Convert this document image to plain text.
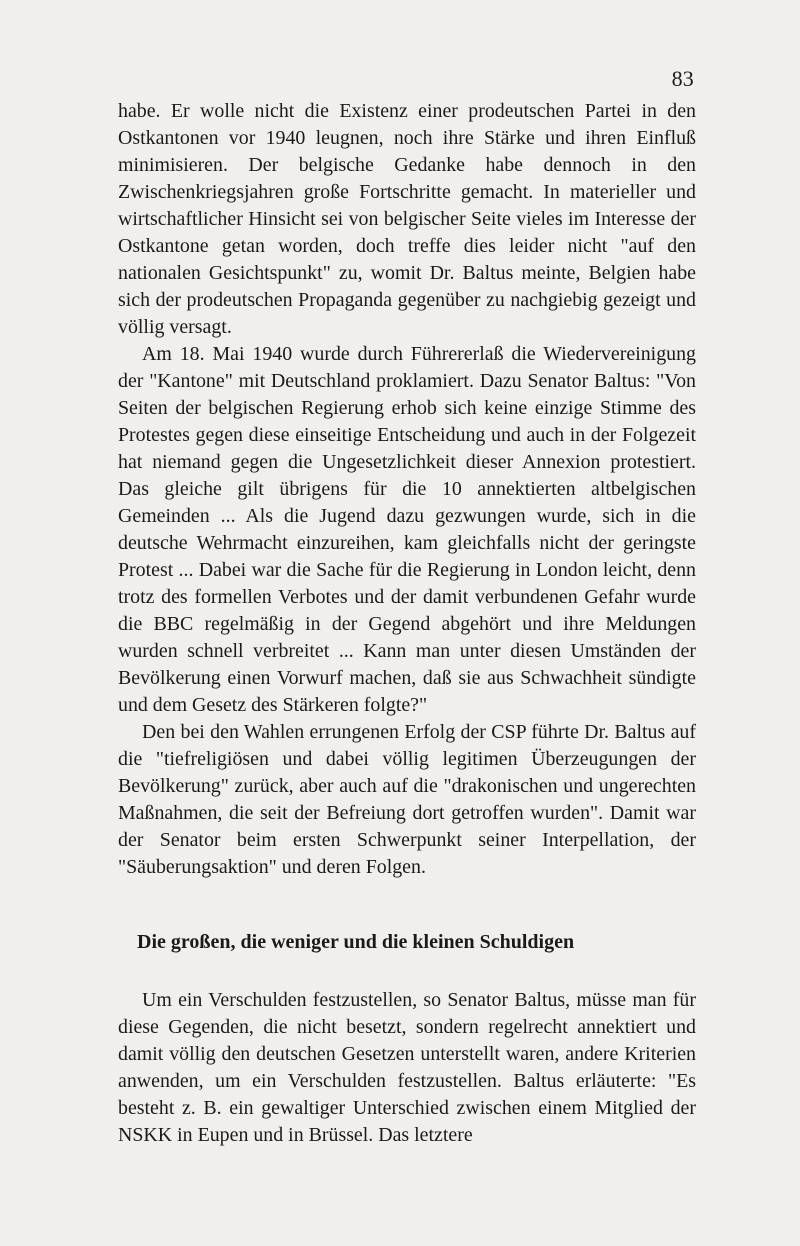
83

habe. Er wolle nicht die Existenz einer prodeutschen Partei in den Ostkantonen vor 1940 leugnen, noch ihre Stärke und ihren Einfluß minimisieren. Der belgische Gedanke habe dennoch in den Zwischenkriegsjahren große Fortschritte gemacht. In materieller und wirtschaftlicher Hinsicht sei von belgischer Seite vieles im Interesse der Ostkantone getan worden, doch treffe dies leider nicht "auf den nationalen Gesichtspunkt" zu, womit Dr. Baltus meinte, Belgien habe sich der prodeutschen Propaganda gegenüber zu nachgiebig gezeigt und völlig versagt.

Am 18. Mai 1940 wurde durch Führererlaß die Wiedervereinigung der "Kantone" mit Deutschland proklamiert. Dazu Senator Baltus: "Von Seiten der belgischen Regierung erhob sich keine einzige Stimme des Protestes gegen diese einseitige Entscheidung und auch in der Folgezeit hat niemand gegen die Ungesetzlichkeit dieser Annexion protestiert. Das gleiche gilt übrigens für die 10 annektierten altbelgischen Gemeinden ... Als die Jugend dazu gezwungen wurde, sich in die deutsche Wehrmacht einzureihen, kam gleichfalls nicht der geringste Protest ... Dabei war die Sache für die Regierung in London leicht, denn trotz des formellen Verbotes und der damit verbundenen Gefahr wurde die BBC regelmäßig in der Gegend abgehört und ihre Meldungen wurden schnell verbreitet ... Kann man unter diesen Umständen der Bevölkerung einen Vorwurf machen, daß sie aus Schwachheit sündigte und dem Gesetz des Stärkeren folgte?"

Den bei den Wahlen errungenen Erfolg der CSP führte Dr. Baltus auf die "tiefreligiösen und dabei völlig legitimen Überzeugungen der Bevölkerung" zurück, aber auch auf die "drakonischen und ungerechten Maßnahmen, die seit der Befreiung dort getroffen wurden". Damit war der Senator beim ersten Schwerpunkt seiner Interpellation, der "Säuberungsaktion" und deren Folgen.

Die großen, die weniger und die kleinen Schuldigen

Um ein Verschulden festzustellen, so Senator Baltus, müsse man für diese Gegenden, die nicht besetzt, sondern regelrecht annektiert und damit völlig den deutschen Gesetzen unterstellt waren, andere Kriterien anwenden, um ein Verschulden festzustellen. Baltus erläuterte: "Es besteht z. B. ein gewaltiger Unterschied zwischen einem Mitglied der NSKK in Eupen und in Brüssel. Das letztere
